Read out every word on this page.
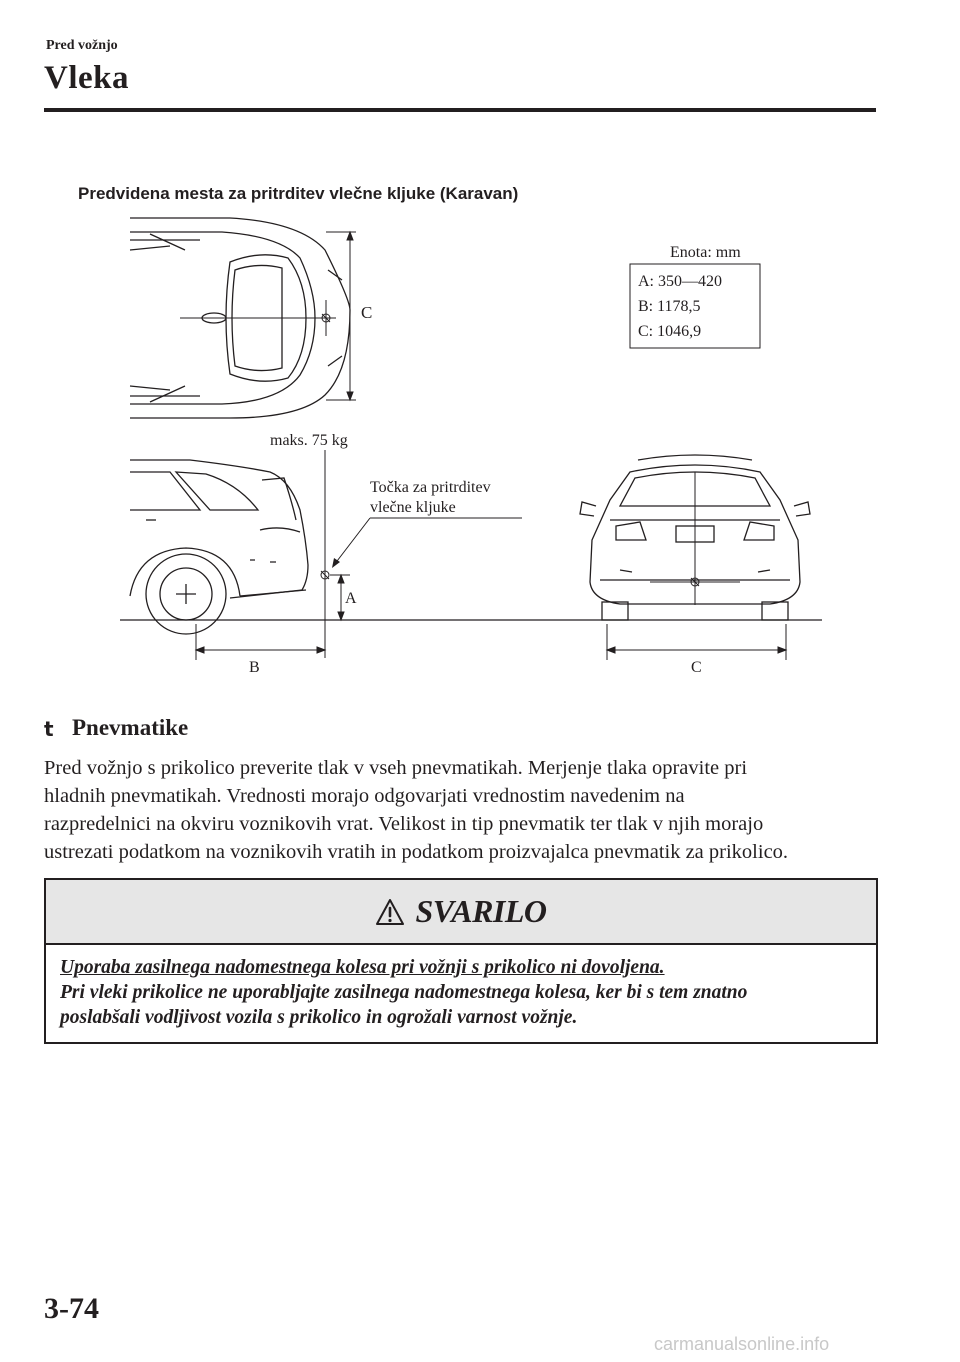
Pred vožnjo
Vleka
Predvidena mesta za pritrditev vlečne kljuke (Karavan)
C
Enota: mm
A: 350—420
B: 1178,5
C: 1046,9
maks. 75 kg
Točka za pritrditev
vlečne kljuke
A
B	C
t Pnevmatike

Pred vožnjo s prikolico preverite tlak v vseh pnevmatikah. Merjenje tlaka opravite pri

hladnih pnevmatikah. Vrednosti morajo odgovarjati vrednostim navedenim na

razpredelnici na okviru voznikovih vrat. Velikost in tip pnevmatik ter tlak v njih morajo

ustrezati podatkom na voznikovih vratih in podatkom proizvajalca pnevmatik za prikolico.

SVARILO

Uporaba zasilnega nadomestnega kolesa pri vožnji s prikolico ni dovoljena.

Pri vleki prikolice ne uporabljajte zasilnega nadomestnega kolesa, ker bi s tem znatno

poslabšali vodljivost vozila s prikolico in ogrožali varnost vožnje.

3-74
carmanualsonline.info
